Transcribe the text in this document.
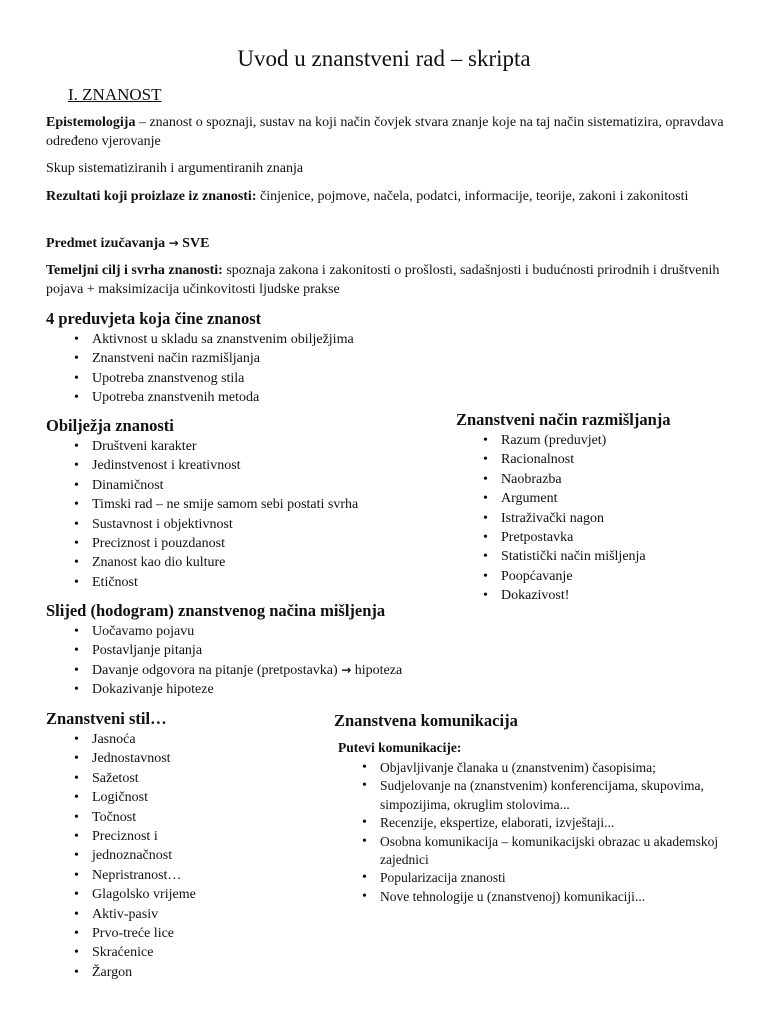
Uvod u znanstveni rad – skripta
I. ZNANOST

Epistemologija – znanost o spoznaji, sustav na koji način čovjek stvara znanje koje na taj način sistematizira, opravdava određeno vjerovanje

Skup sistematiziranih i argumentiranih znanja

Rezultati koji proizlaze iz znanosti: činjenice, pojmove, načela, podatci, informacije, teorije, zakoni i zakonitosti

Predmet izučavanja → SVE

Temeljni cilj i svrha znanosti: spoznaja zakona i zakonitosti o prošlosti, sadašnjosti i budućnosti prirodnih i društvenih pojava + maksimizacija učinkovitosti ljudske prakse

4 preduvjeta koja čine znanost
• Aktivnost u skladu sa znanstvenim obilježjima
• Znanstveni način razmišljanja
• Upotreba znanstvenog stila
• Upotreba znanstvenih metoda
Obilježja znanosti
• Društveni karakter
• Jedinstvenost i kreativnost
• Dinamičnost
• Timski rad – ne smije samom sebi postati svrha
• Sustavnost i objektivnost
• Preciznost i pouzdanost
• Znanost kao dio kulture
• Etičnost
Znanstveni način razmišljanja
• Razum (preduvjet)
• Racionalnost
• Naobrazba
• Argument
• Istraživački nagon
• Pretpostavka
• Statistički način mišljenja
• Poopćavanje
• Dokazivost!
Slijed (hodogram) znanstvenog načina mišljenja
• Uočavamo pojavu
• Postavljanje pitanja
• Davanje odgovora na pitanje (pretpostavka) → hipoteza
• Dokazivanje hipoteze
Znanstveni stil…
• Jasnoća
• Jednostavnost
• Sažetost
• Logičnost
• Točnost
• Preciznost i
• jednoznačnost
• Nepristranost…
• Glagolsko vrijeme
• Aktiv-pasiv
• Prvo-treće lice
• Skraćenice
• Žargon
Znanstvena komunikacija
Putevi komunikacije:
• Objavljivanje članaka u (znanstvenim) časopisima;
• Sudjelovanje na (znanstvenim) konferencijama, skupovima, simpozijima, okruglim stolovima...
• Recenzije, ekspertize, elaborati, izvještaji...
• Osobna komunikacija – komunikacijski obrazac u akademskoj zajednici
• Popularizacija znanosti
• Nove tehnologije u (znanstvenoj) komunikaciji...
